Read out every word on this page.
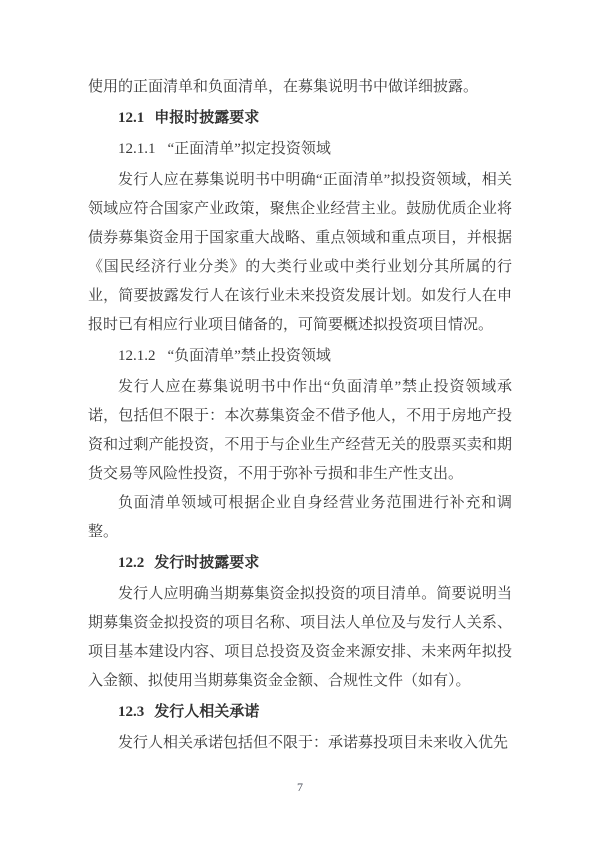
使用的正面清单和负面清单，在募集说明书中做详细披露。

12.1 申报时披露要求
12.1.1 “正面清单”拟定投资领域

发行人应在募集说明书中明确“正面清单”拟投资领域，相关领域应符合国家产业政策，聚焦企业经营主业。鼓励优质企业将债券募集资金用于国家重大战略、重点领域和重点项目，并根据《国民经济行业分类》的大类行业或中类行业划分其所属的行业，简要披露发行人在该行业未来投资发展计划。如发行人在申报时已有相应行业项目储备的，可简要概述拟投资项目情况。

12.1.2 “负面清单”禁止投资领域

发行人应在募集说明书中作出“负面清单”禁止投资领域承诺，包括但不限于：本次募集资金不借予他人，不用于房地产投资和过剩产能投资，不用于与企业生产经营无关的股票买卖和期货交易等风险性投资，不用于弥补亏损和非生产性支出。

负面清单领域可根据企业自身经营业务范围进行补充和调整。

12.2 发行时披露要求

发行人应明确当期募集资金拟投资的项目清单。简要说明当期募集资金拟投资的项目名称、项目法人单位及与发行人关系、项目基本建设内容、项目总投资及资金来源安排、未来两年拟投入金额、拟使用当期募集资金金额、合规性文件（如有）。

12.3 发行人相关承诺

发行人相关承诺包括但不限于：承诺募投项目未来收入优先

7
